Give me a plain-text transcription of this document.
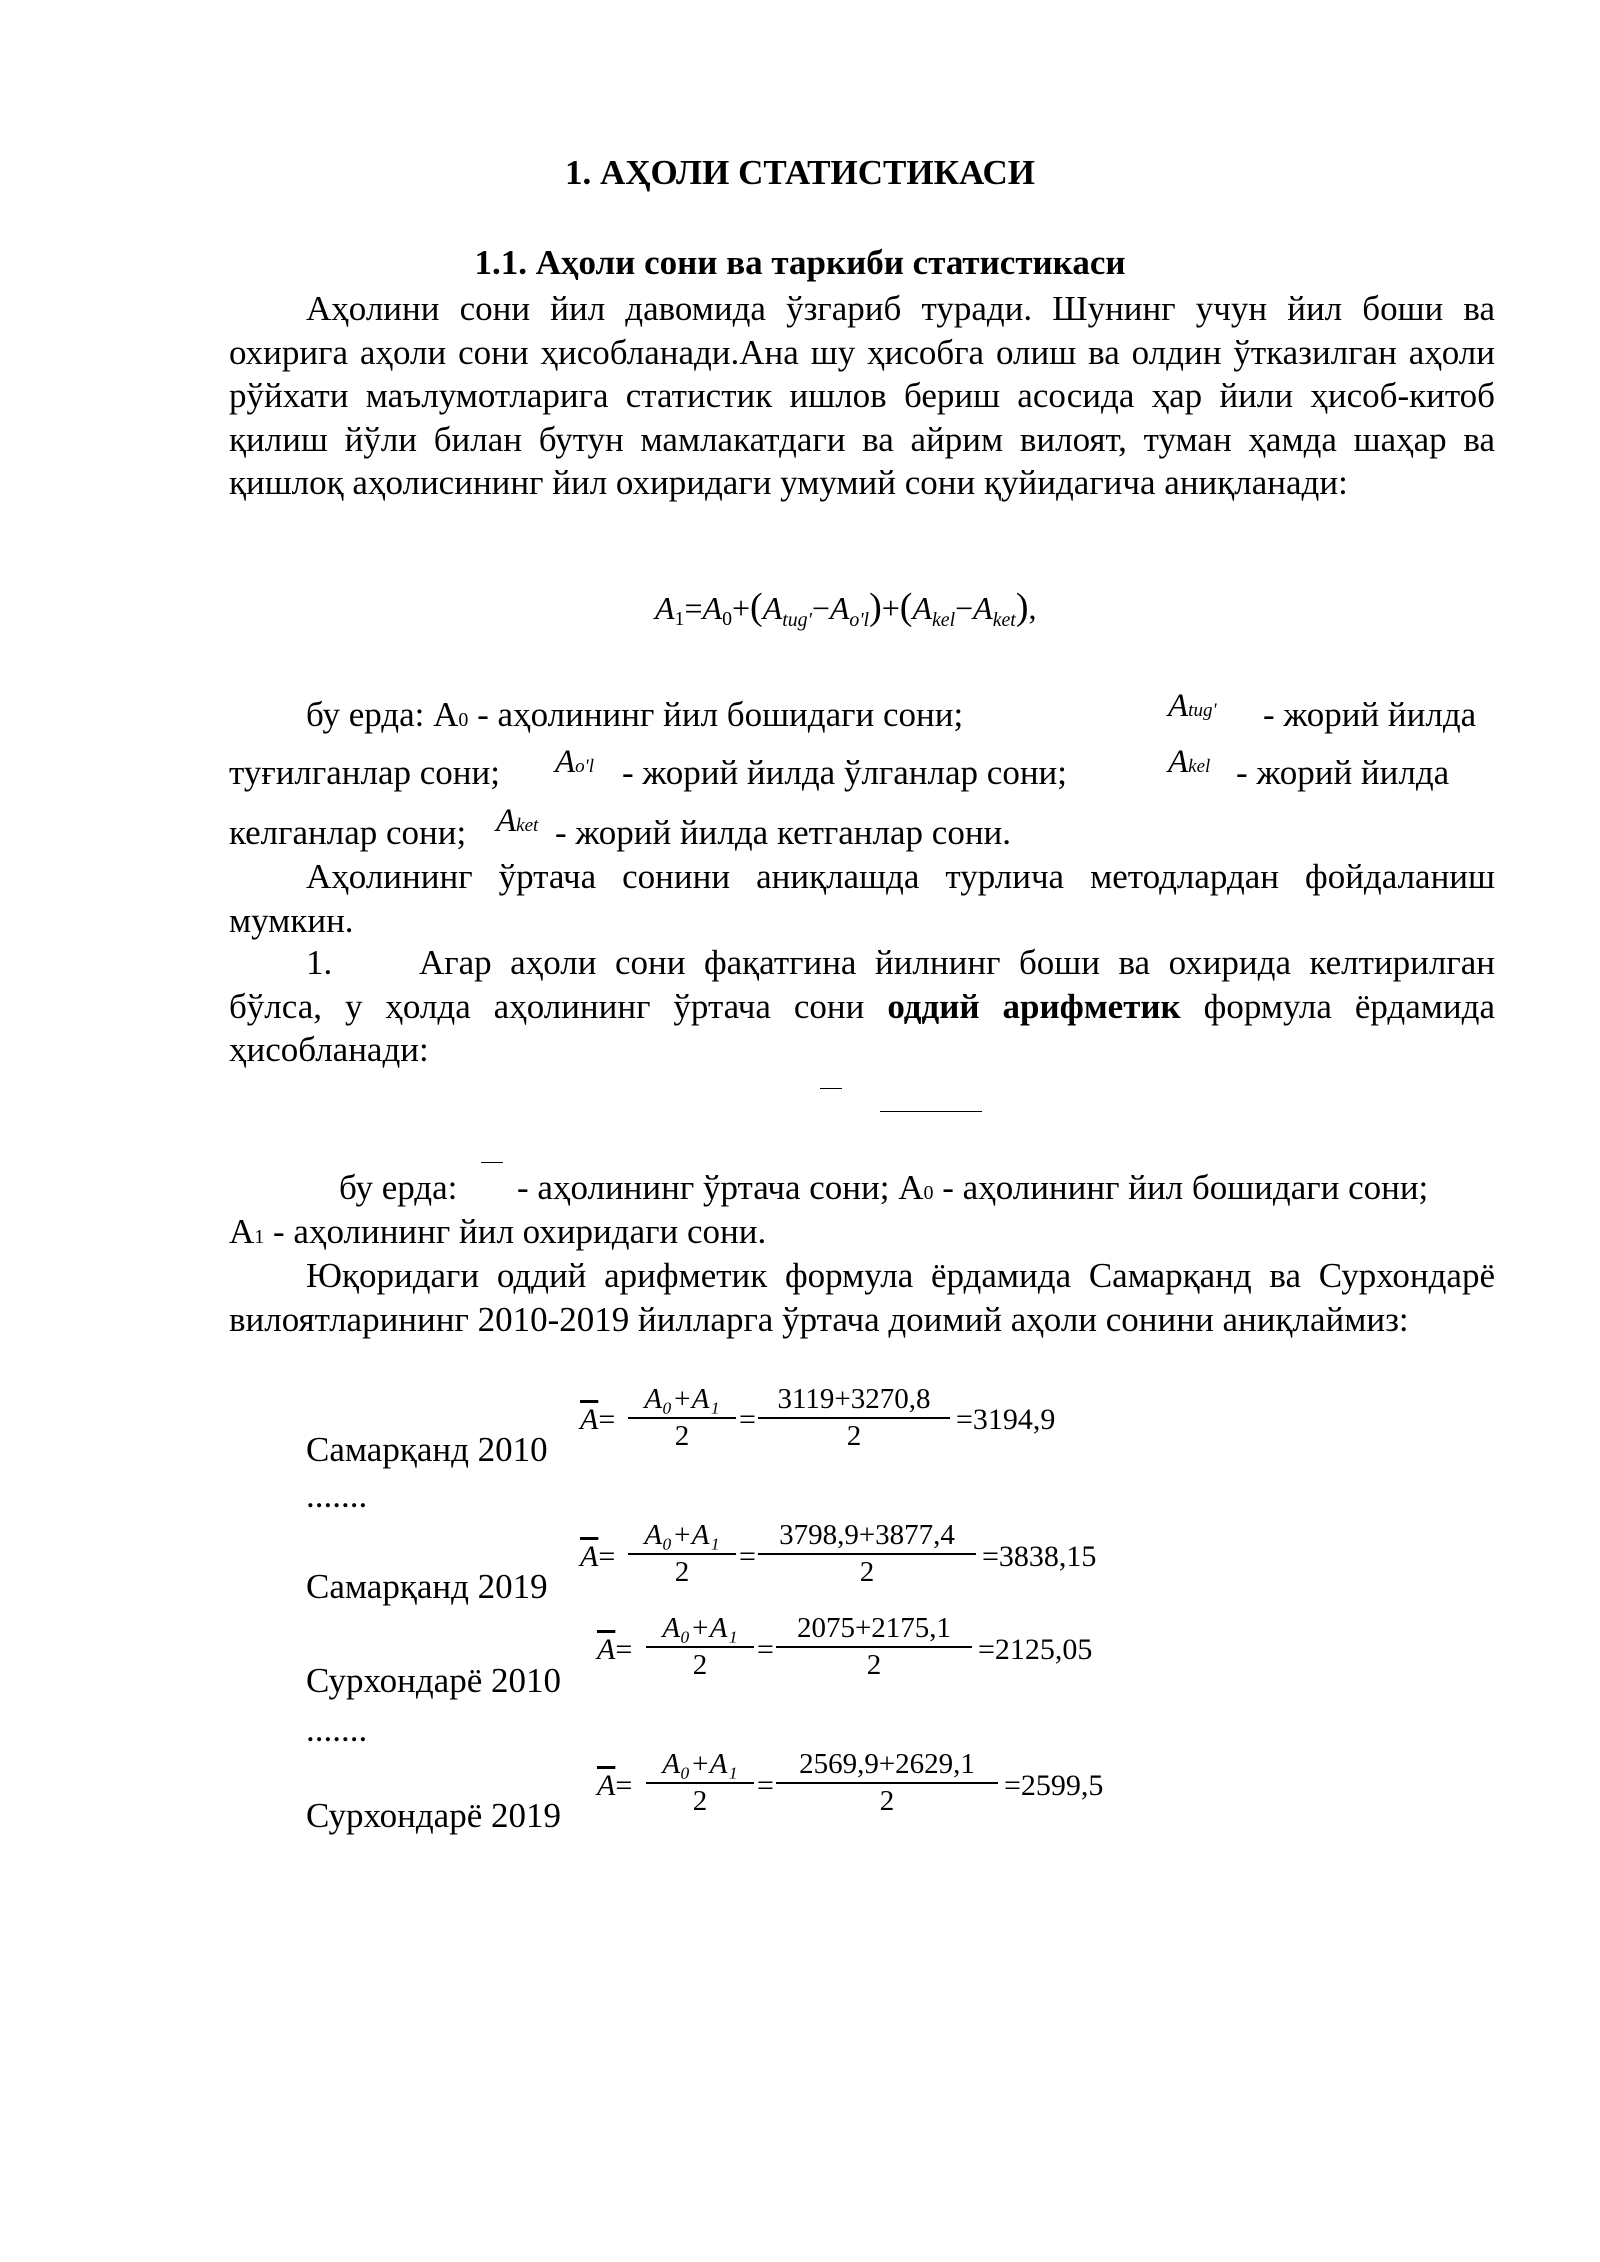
1. АҲОЛИ СТАТИСТИКАСИ
1.1. Аҳоли сони ва таркиби статистикаси
Аҳолини сони йил давомида ўзгариб туради. Шунинг учун йил боши ва охирига аҳоли сони ҳисобланади.Ана шу ҳисобга олиш ва олдин ўтказилган аҳоли рўйхати маълумотларига статистик ишлов бериш асосида ҳар йили ҳисоб-китоб қилиш йўли билан бутун мамлакатдаги ва айрим вилоят, туман ҳамда шаҳар ва қишлоқ аҳолисининг йил охиридаги умумий сони қуйидагича аниқланади:
$A1=A0+(A_{tug'}-A_{o'l})+(A_{kel}-A_{ket})$,
бу ерда: А0 - аҳолининг йил бошидаги сони;	Atug' - жорий йилда
туғилганлар сони; Ao'l - жорий йилда ўлганлар сони;	Akel - жорий йилда
келганлар сони; Aket - жорий йилда кетганлар сони.
Аҳолининг ўртача сонини аниқлашда турлича методлардан фойдаланиш мумкин.
1. Агар аҳоли сони фақатгина йилнинг боши ва охирида келтирилган бўлса, у ҳолда аҳолининг ўртача сони оддий арифметик формула ёрдамида ҳисобланади:
бу ерда: - аҳолининг ўртача сони; А0 - аҳолининг йил бошидаги сони;
А1 - аҳолининг йил охиридаги сони.
Юқоридаги оддий арифметик формула ёрдамида Самарқанд ва Сурхондарё вилоятларининг 2010-2019 йилларга ўртача доимий аҳоли сонини аниқлаймиз:
Самарқанд 2010
$\overline{A}= \frac{\text{A₀+A₁}}{2} = \frac{3119+3270,8}{2} =3194,9$
.......
Самарқанд 2019
$\overline{A}= \frac{\text{A₀+A₁}}{2} = \frac{3798,9+3877,4}{2} =3838,15$
Сурхондарё 2010
$\overline{A}= \frac{\text{A₀+A₁}}{2} = \frac{2075+2175,1}{2} =2125,05$
.......
Сурхондарё 2019
$\overline{A}= \frac{\text{A₀+A₁}}{2} = \frac{2569,9+2629,1}{2} =2599,5$
